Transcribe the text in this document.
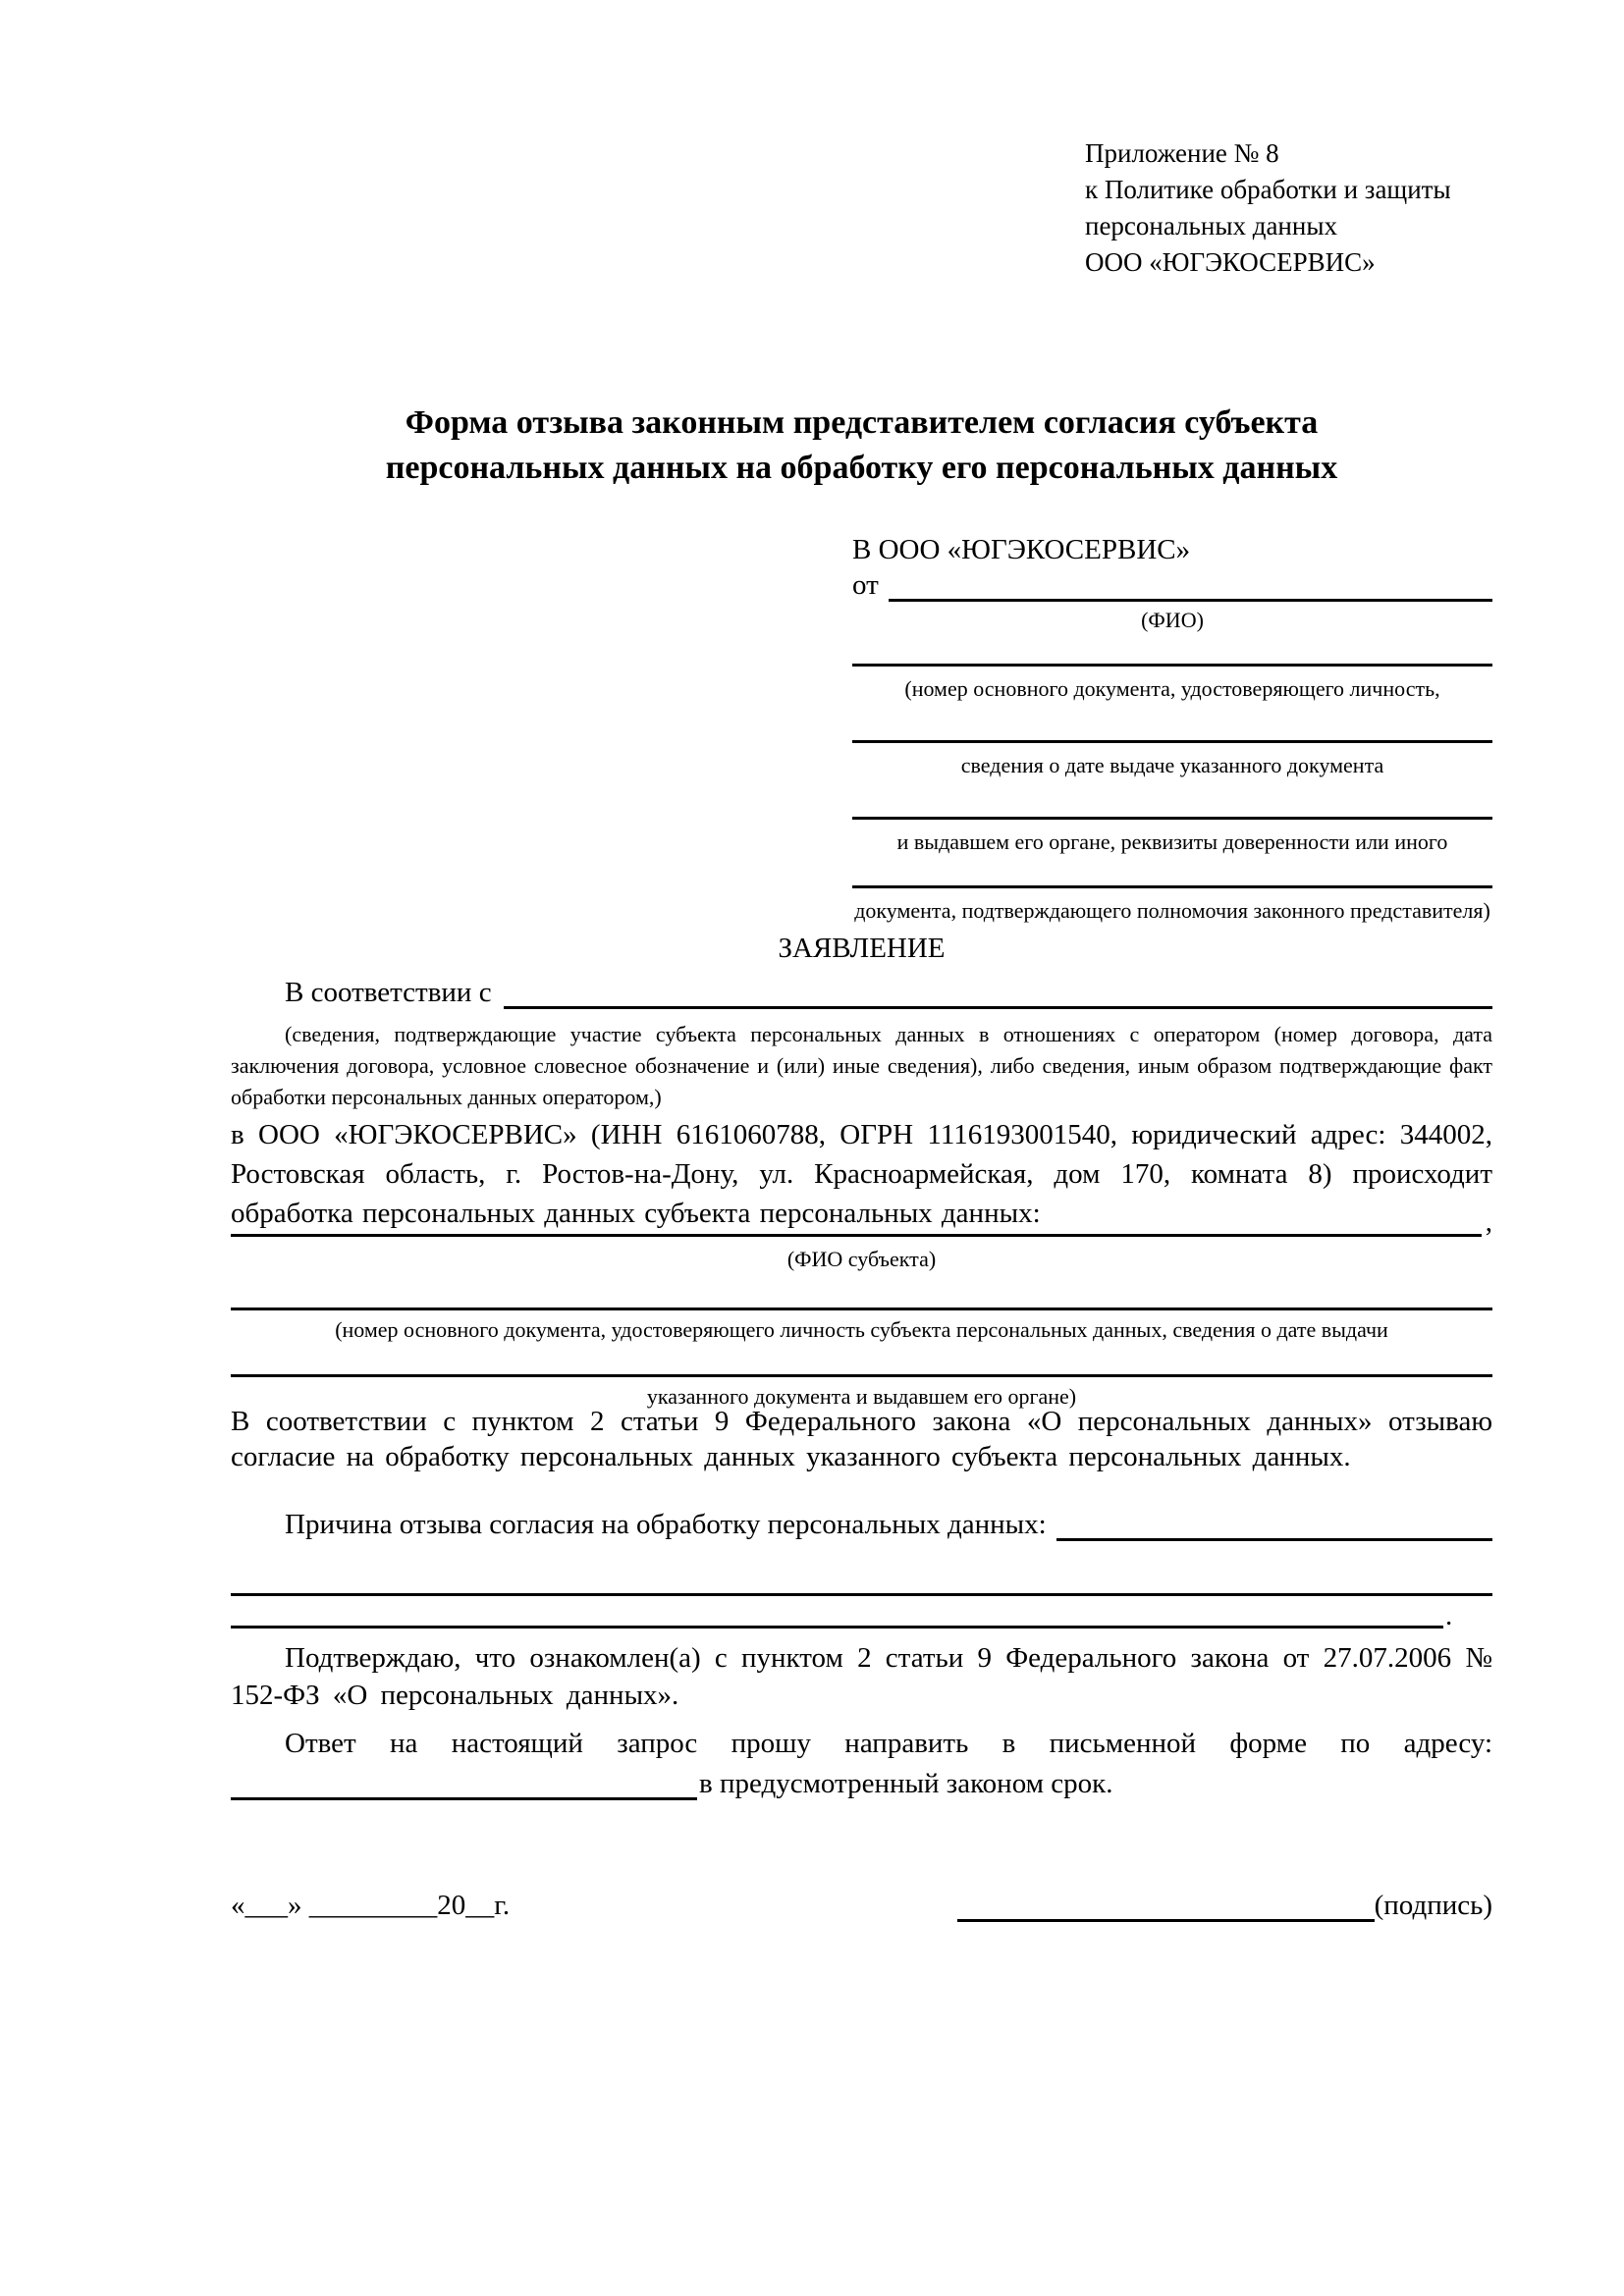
Приложение № 8
к Политике обработки и защиты
персональных данных
ООО «ЮГЭКОСЕРВИС»
Форма отзыва законным представителем согласия субъекта
персональных данных на обработку его персональных данных
В ООО «ЮГЭКОСЕРВИС»
от
(ФИО)
(номер основного документа, удостоверяющего личность,
сведения о дате выдаче указанного документа
и выдавшем его органе, реквизиты доверенности или иного
документа, подтверждающего полномочия законного представителя)
ЗАЯВЛЕНИЕ
В соответствии с
(сведения, подтверждающие участие субъекта персональных данных в отношениях с оператором (номер договора, дата заключения договора, условное словесное обозначение и (или) иные сведения), либо сведения, иным образом подтверждающие факт обработки персональных данных оператором,)
в ООО «ЮГЭКОСЕРВИС» (ИНН 6161060788, ОГРН 1116193001540, юридический адрес: 344002, Ростовская область, г. Ростов-на-Дону, ул. Красноармейская, дом 170, комната 8) происходит обработка персональных данных субъекта персональных данных:	,
(ФИО субъекта)
(номер основного документа, удостоверяющего личность субъекта персональных данных, сведения о дате выдачи
указанного документа и выдавшем его органе)
В соответствии с пунктом 2 статьи 9 Федерального закона «О персональных данных» отзываю согласие на обработку персональных данных указанного субъекта персональных данных.
Причина отзыва согласия на обработку персональных данных:
.
Подтверждаю, что ознакомлен(а) с пунктом 2 статьи 9 Федерального закона от 27.07.2006 № 152-ФЗ «О персональных данных».
Ответ на настоящий запрос прошу направить в письменной форме по адресу:
в предусмотренный законом срок.
«___» _________20__г.	(подпись)
